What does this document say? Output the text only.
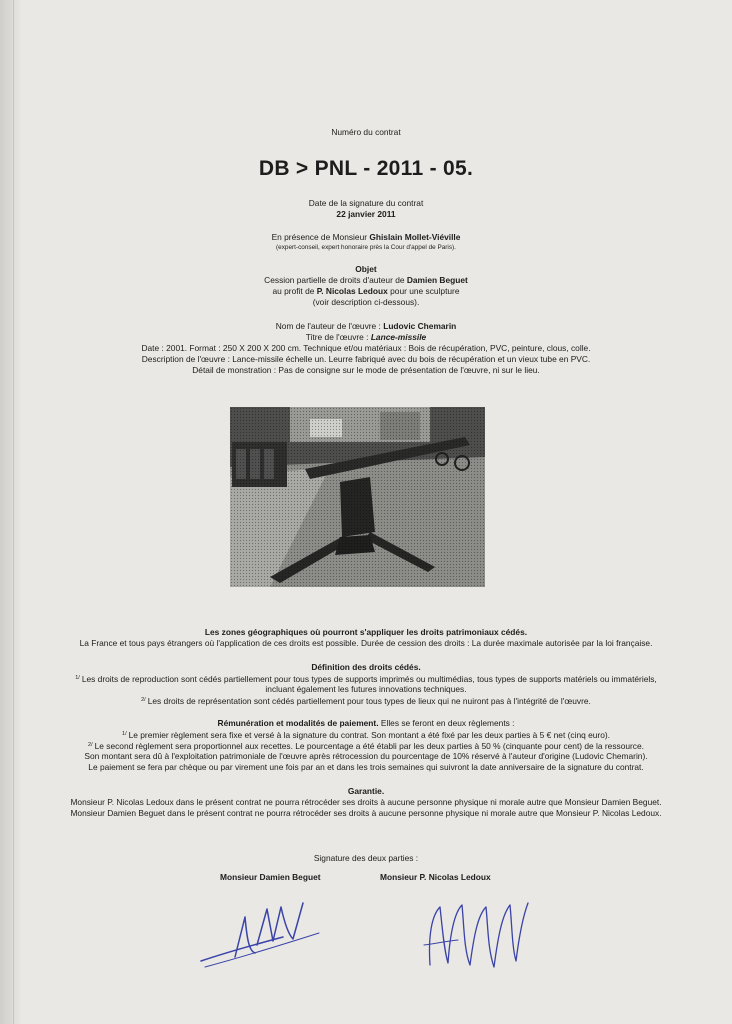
Numéro du contrat
DB > PNL - 2011 - 05.
Date de la signature du contrat
22 janvier 2011
En présence de Monsieur Ghislain Mollet-Viéville
(expert-conseil, expert honoraire près la Cour d'appel de Paris).
Objet
Cession partielle de droits d'auteur de Damien Beguet
au profit de P. Nicolas Ledoux pour une sculpture
(voir description ci-dessous).
Nom de l'auteur de l'œuvre : Ludovic Chemarin
Titre de l'œuvre : Lance-missile
Date : 2001. Format : 250 X 200 X 200 cm. Technique et/ou matériaux : Bois de récupération, PVC, peinture, clous, colle.
Description de l'œuvre : Lance-missile échelle un. Leurre fabriqué avec du bois de récupération et un vieux tube en PVC.
Détail de monstration : Pas de consigne sur le mode de présentation de l'œuvre, ni sur le lieu.
Les zones géographiques où pourront s'appliquer les droits patrimoniaux cédés.
La France et tous pays étrangers où l'application de ces droits est possible. Durée de cession des droits : La durée maximale autorisée par la loi française.
Définition des droits cédés.
$^{1/}$ Les droits de reproduction sont cédés partiellement pour tous types de supports imprimés ou multimédias, tous types de supports matériels ou immatériels,
incluant également les futures innovations techniques.
$^{2/}$ Les droits de représentation sont cédés partiellement pour tous types de lieux qui ne nuiront pas à l'intégrité de l'œuvre.
Rémunération et modalités de paiement. Elles se feront en deux règlements :
$^{1/}$ Le premier règlement sera fixe et versé à la signature du contrat. Son montant a été fixé par les deux parties à 5 € net (cinq euro).
$^{2/}$ Le second règlement sera proportionnel aux recettes. Le pourcentage a été établi par les deux parties à 50 % (cinquante pour cent) de la ressource.
Son montant sera dû à l'exploitation patrimoniale de l'œuvre après rétrocession du pourcentage de 10% réservé à l'auteur d'origine (Ludovic Chemarin).
Le paiement se fera par chèque ou par virement une fois par an et dans les trois semaines qui suivront la date anniversaire de la signature du contrat.
Garantie.
Monsieur P. Nicolas Ledoux dans le présent contrat ne pourra rétrocéder ses droits à aucune personne physique ni morale autre que Monsieur Damien Beguet.
Monsieur Damien Beguet dans le présent contrat ne pourra rétrocéder ses droits à aucune personne physique ni morale autre que Monsieur P. Nicolas Ledoux.
Signature des deux parties :
Monsieur Damien Beguet	Monsieur P. Nicolas Ledoux
